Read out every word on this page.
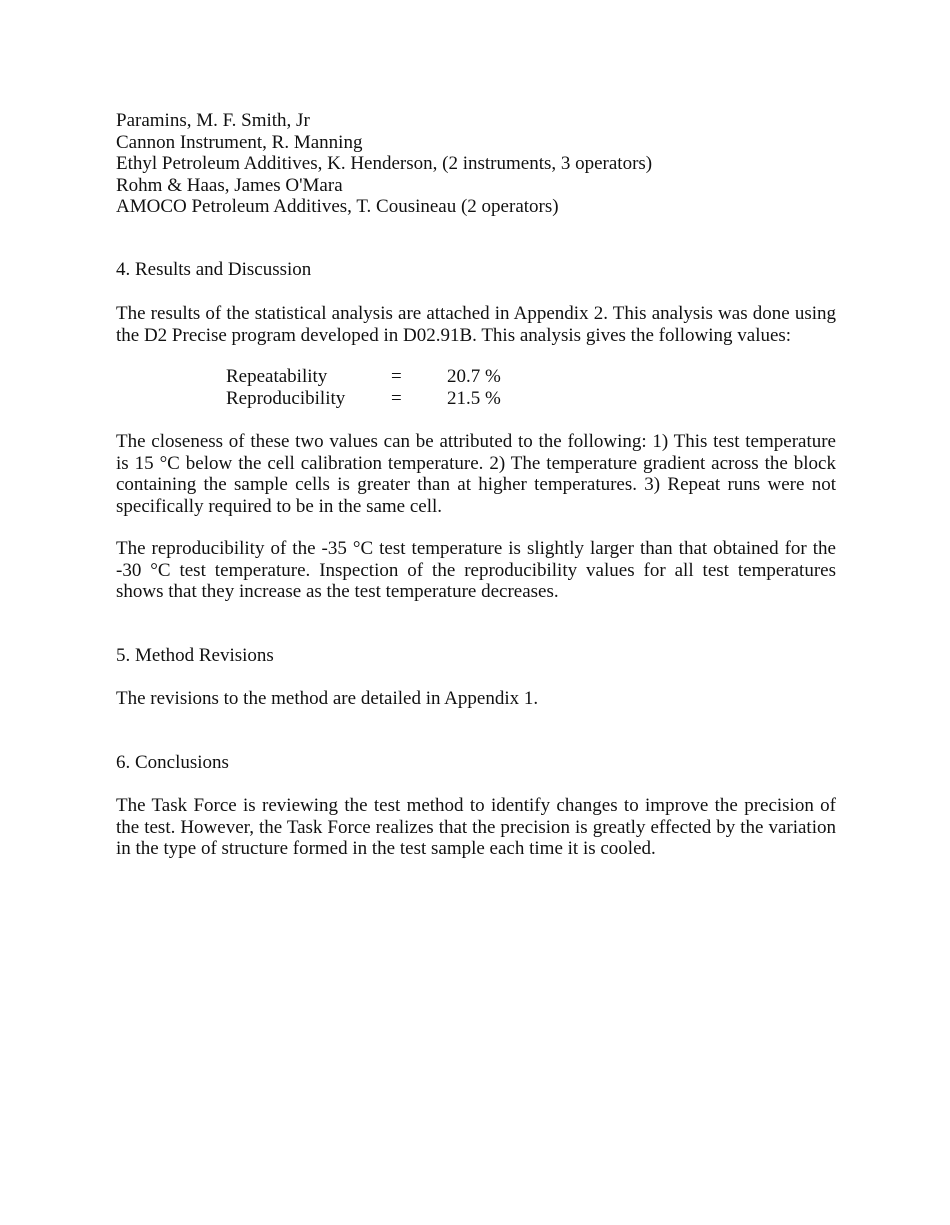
Paramins, M. F. Smith, Jr
Cannon Instrument, R. Manning
Ethyl Petroleum Additives, K. Henderson, (2 instruments, 3 operators)
Rohm & Haas, James O'Mara
AMOCO Petroleum Additives, T. Cousineau (2 operators)
4. Results and Discussion
The results of the statistical analysis are attached in Appendix 2. This analysis was done using the D2 Precise program developed in D02.91B. This analysis gives the following values:
Repeatability	=	20.7 %
Reproducibility	=	21.5 %
The closeness of these two values can be attributed to the following: 1) This test temperature is 15 °C below the cell calibration temperature. 2) The temperature gradient across the block containing the sample cells is greater than at higher temperatures. 3) Repeat runs were not specifically required to be in the same cell.
The reproducibility of the -35 °C test temperature is slightly larger than that obtained for the -30 °C test temperature. Inspection of the reproducibility values for all test temperatures shows that they increase as the test temperature decreases.
5. Method Revisions
The revisions to the method are detailed in Appendix 1.
6. Conclusions
The Task Force is reviewing the test method to identify changes to improve the precision of the test. However, the Task Force realizes that the precision is greatly effected by the variation in the type of structure formed in the test sample each time it is cooled.
